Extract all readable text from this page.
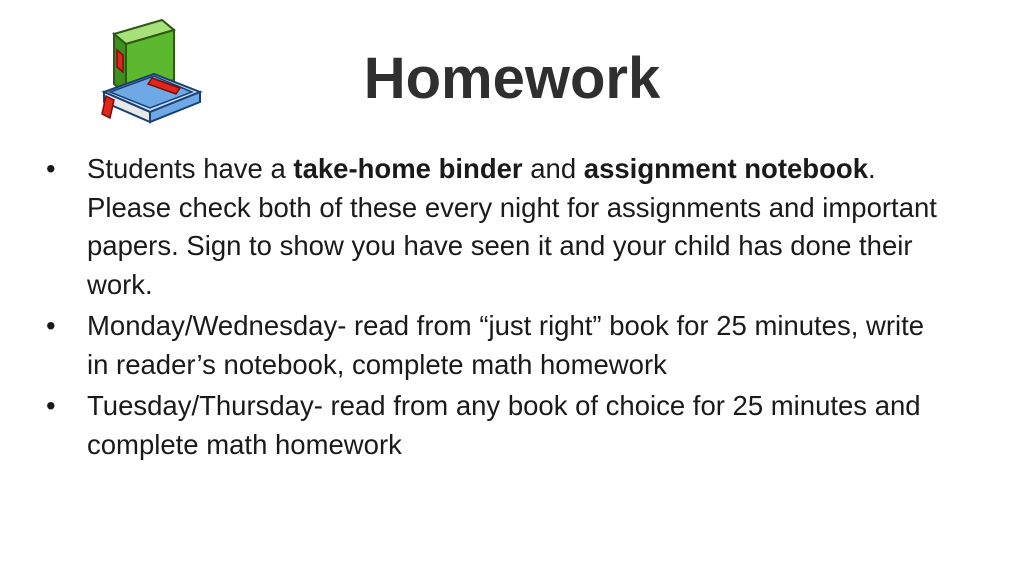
Homework
•	Students have a take-home binder and assignment notebook. Please check both of these every night for assignments and important papers. Sign to show you have seen it and your child has done their work.
•	Monday/Wednesday- read from “just right” book for 25 minutes, write in reader’s notebook, complete math homework
•	Tuesday/Thursday- read from any book of choice for 25 minutes and complete math homework
